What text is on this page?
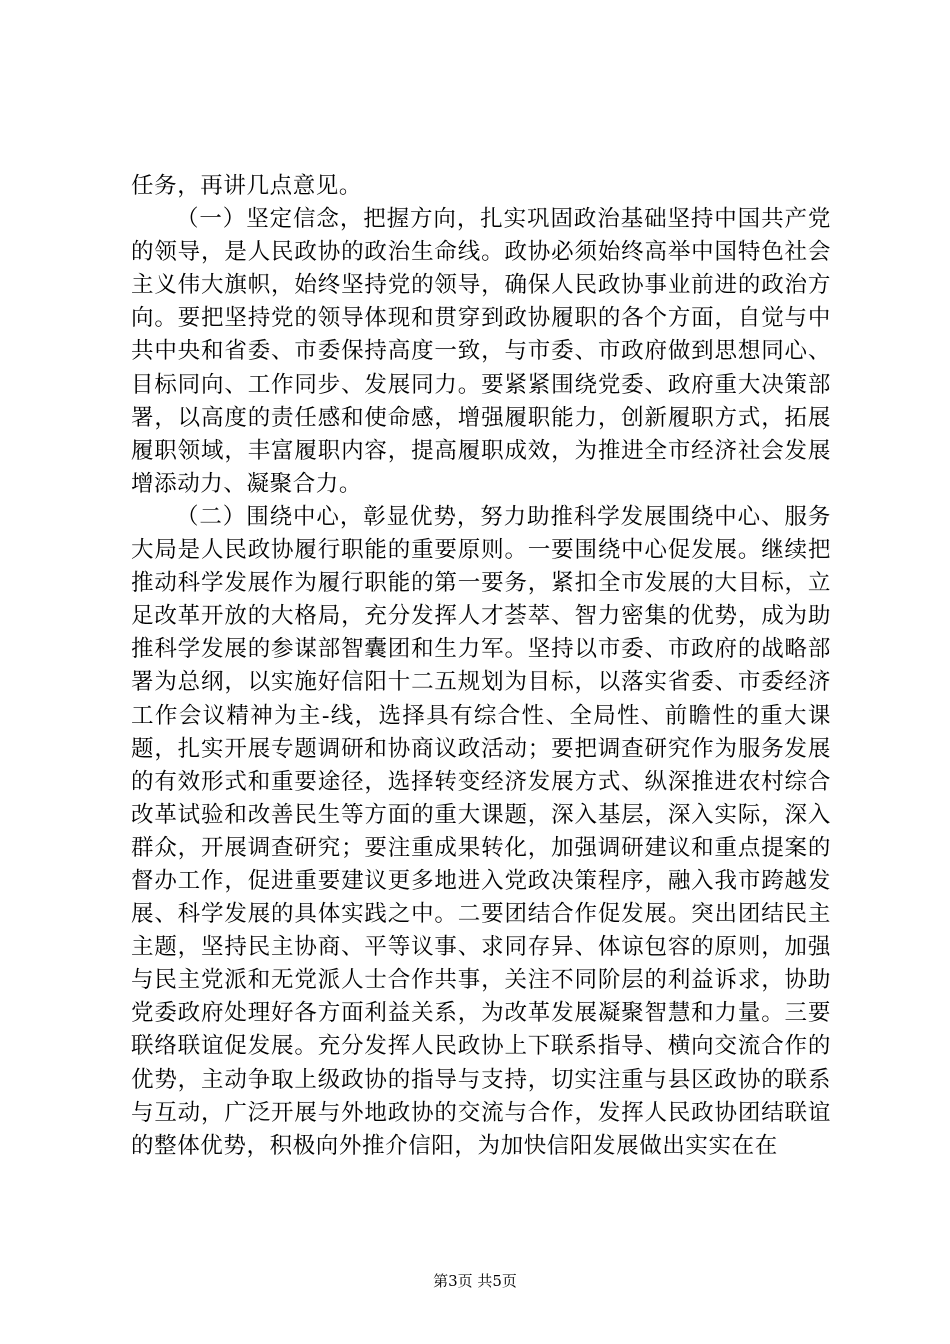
任务，再讲几点意见。

（一）坚定信念，把握方向，扎实巩固政治基础坚持中国共产党的领导，是人民政协的政治生命线。政协必须始终高举中国特色社会主义伟大旗帜，始终坚持党的领导，确保人民政协事业前进的政治方向。要把坚持党的领导体现和贯穿到政协履职的各个方面，自觉与中共中央和省委、市委保持高度一致，与市委、市政府做到思想同心、目标同向、工作同步、发展同力。要紧紧围绕党委、政府重大决策部署，以高度的责任感和使命感，增强履职能力，创新履职方式，拓展履职领域，丰富履职内容，提高履职成效，为推进全市经济社会发展增添动力、凝聚合力。

（二）围绕中心，彰显优势，努力助推科学发展围绕中心、服务大局是人民政协履行职能的重要原则。一要围绕中心促发展。继续把推动科学发展作为履行职能的第一要务，紧扣全市发展的大目标，立足改革开放的大格局，充分发挥人才荟萃、智力密集的优势，成为助推科学发展的参谋部智囊团和生力军。坚持以市委、市政府的战略部署为总纲，以实施好信阳十二五规划为目标，以落实省委、市委经济工作会议精神为主-线，选择具有综合性、全局性、前瞻性的重大课题，扎实开展专题调研和协商议政活动；要把调查研究作为服务发展的有效形式和重要途径，选择转变经济发展方式、纵深推进农村综合改革试验和改善民生等方面的重大课题，深入基层，深入实际，深入群众，开展调查研究；要注重成果转化，加强调研建议和重点提案的督办工作，促进重要建议更多地进入党政决策程序，融入我市跨越发展、科学发展的具体实践之中。二要团结合作促发展。突出团结民主主题，坚持民主协商、平等议事、求同存异、体谅包容的原则，加强与民主党派和无党派人士合作共事，关注不同阶层的利益诉求，协助党委政府处理好各方面利益关系，为改革发展凝聚智慧和力量。三要联络联谊促发展。充分发挥人民政协上下联系指导、横向交流合作的优势，主动争取上级政协的指导与支持，切实注重与县区政协的联系与互动，广泛开展与外地政协的交流与合作，发挥人民政协团结联谊的整体优势，积极向外推介信阳，为加快信阳发展做出实实在在

第3页 共5页
